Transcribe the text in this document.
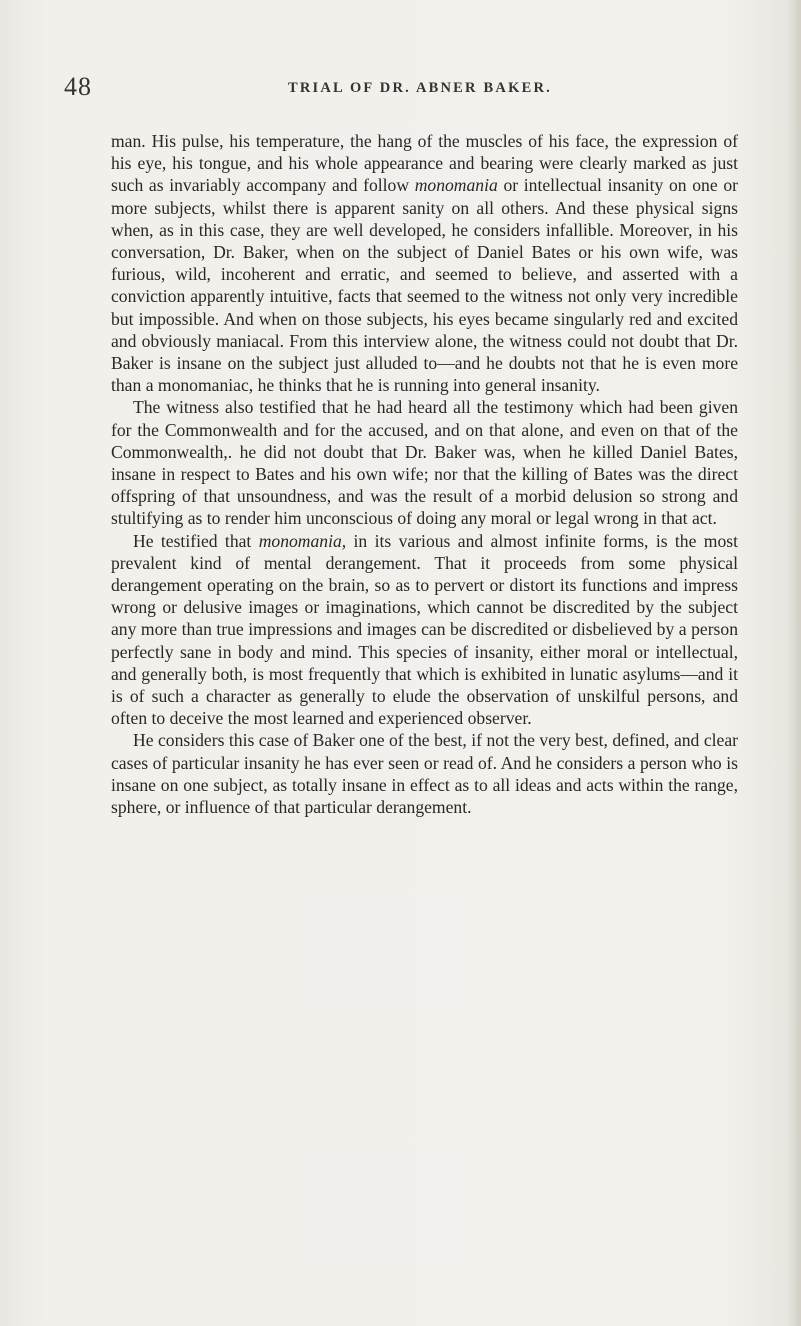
48	TRIAL OF DR. ABNER BAKER.

man. His pulse, his temperature, the hang of the muscles of his face, the expression of his eye, his tongue, and his whole appearance and bearing were clearly marked as just such as invariably accompany and follow monomania or intellectual insanity on one or more subjects, whilst there is apparent sanity on all others. And these physical signs when, as in this case, they are well developed, he considers infallible. Moreover, in his conversation, Dr. Baker, when on the subject of Daniel Bates or his own wife, was furious, wild, incoherent and erratic, and seemed to believe, and asserted with a conviction apparently intuitive, facts that seemed to the witness not only very incredible but impossible. And when on those subjects, his eyes became singularly red and excited and obviously maniacal. From this interview alone, the witness could not doubt that Dr. Baker is insane on the subject just alluded to—and he doubts not that he is even more than a monomaniac, he thinks that he is running into general insanity.

The witness also testified that he had heard all the testimony which had been given for the Commonwealth and for the accused, and on that alone, and even on that of the Commonwealth,. he did not doubt that Dr. Baker was, when he killed Daniel Bates, insane in respect to Bates and his own wife; nor that the killing of Bates was the direct offspring of that unsoundness, and was the result of a morbid delusion so strong and stultifying as to render him unconscious of doing any moral or legal wrong in that act.

He testified that monomania, in its various and almost infinite forms, is the most prevalent kind of mental derangement. That it proceeds from some physical derangement operating on the brain, so as to pervert or distort its functions and impress wrong or delusive images or imaginations, which cannot be discredited by the subject any more than true impressions and images can be discredited or disbelieved by a person perfectly sane in body and mind. This species of insanity, either moral or intellectual, and generally both, is most frequently that which is exhibited in lunatic asylums—and it is of such a character as generally to elude the observation of unskilful persons, and often to deceive the most learned and experienced observer.

He considers this case of Baker one of the best, if not the very best, defined, and clear cases of particular insanity he has ever seen or read of. And he considers a person who is insane on one subject, as totally insane in effect as to all ideas and acts within the range, sphere, or influence of that particular derangement.
